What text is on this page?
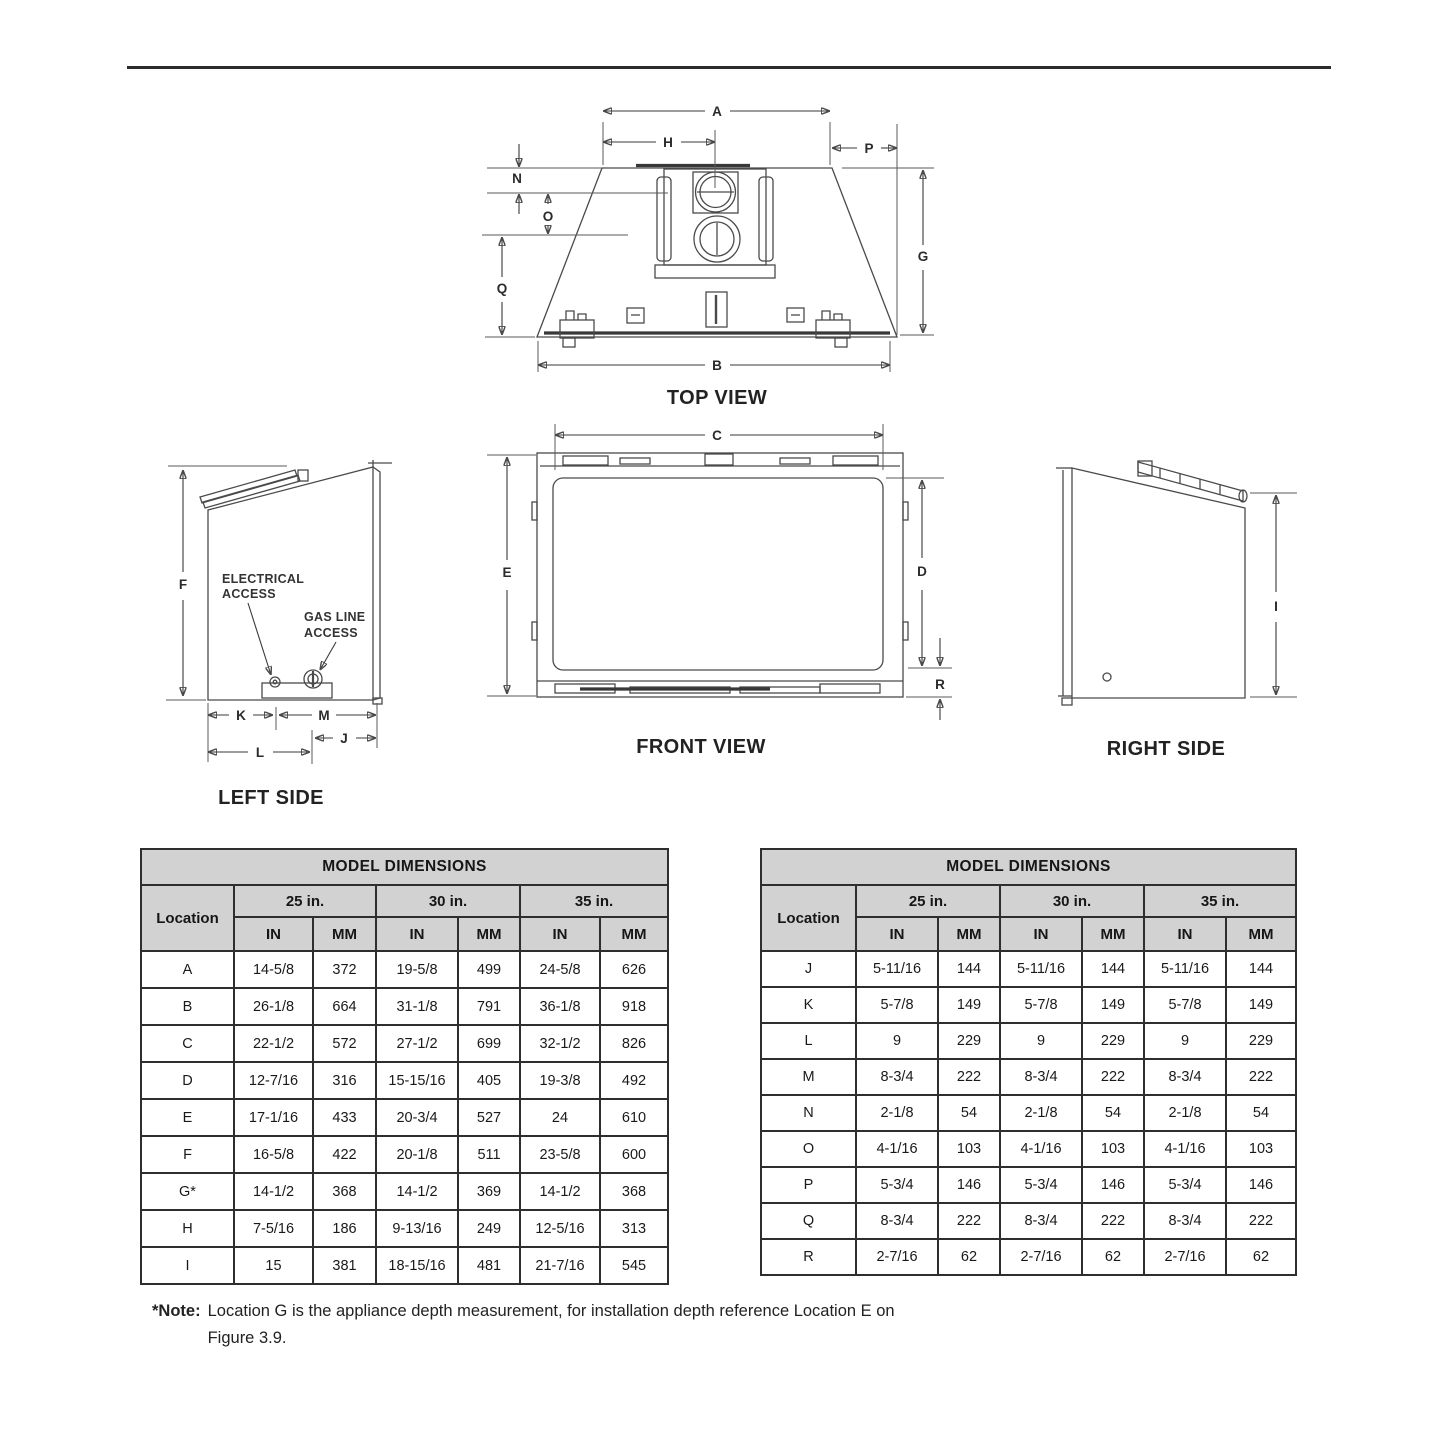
A
H	P
N
O
Q
G
B
TOP VIEW
C
E	D
R
FRONT VIEW
ELECTRICAL
ACCESS
GAS LINE
ACCESS
F
K	M
J
L
LEFT SIDE
I
RIGHT SIDE
MODEL DIMENSIONS						
Location	25 in.		30 in.		35 in.	
	IN	MM	IN	MM	IN	MM
A	14-5/8	372	19-5/8	499	24-5/8	626
B	26-1/8	664	31-1/8	791	36-1/8	918
C	22-1/2	572	27-1/2	699	32-1/2	826
D	12-7/16	316	15-15/16	405	19-3/8	492
E	17-1/16	433	20-3/4	527	24	610
F	16-5/8	422	20-1/8	511	23-5/8	600
G*	14-1/2	368	14-1/2	369	14-1/2	368
H	7-5/16	186	9-13/16	249	12-5/16	313
I	15	381	18-15/16	481	21-7/16	545
MODEL DIMENSIONS						
Location	25 in.		30 in.		35 in.	
	IN	MM	IN	MM	IN	MM
J	5-11/16	144	5-11/16	144	5-11/16	144
K	5-7/8	149	5-7/8	149	5-7/8	149
L	9	229	9	229	9	229
M	8-3/4	222	8-3/4	222	8-3/4	222
N	2-1/8	54	2-1/8	54	2-1/8	54
O	4-1/16	103	4-1/16	103	4-1/16	103
P	5-3/4	146	5-3/4	146	5-3/4	146
Q	8-3/4	222	8-3/4	222	8-3/4	222
R	2-7/16	62	2-7/16	62	2-7/16	62
*Note: Location G is the appliance depth measurement, for installation depth reference Location E on
Figure 3.9.
